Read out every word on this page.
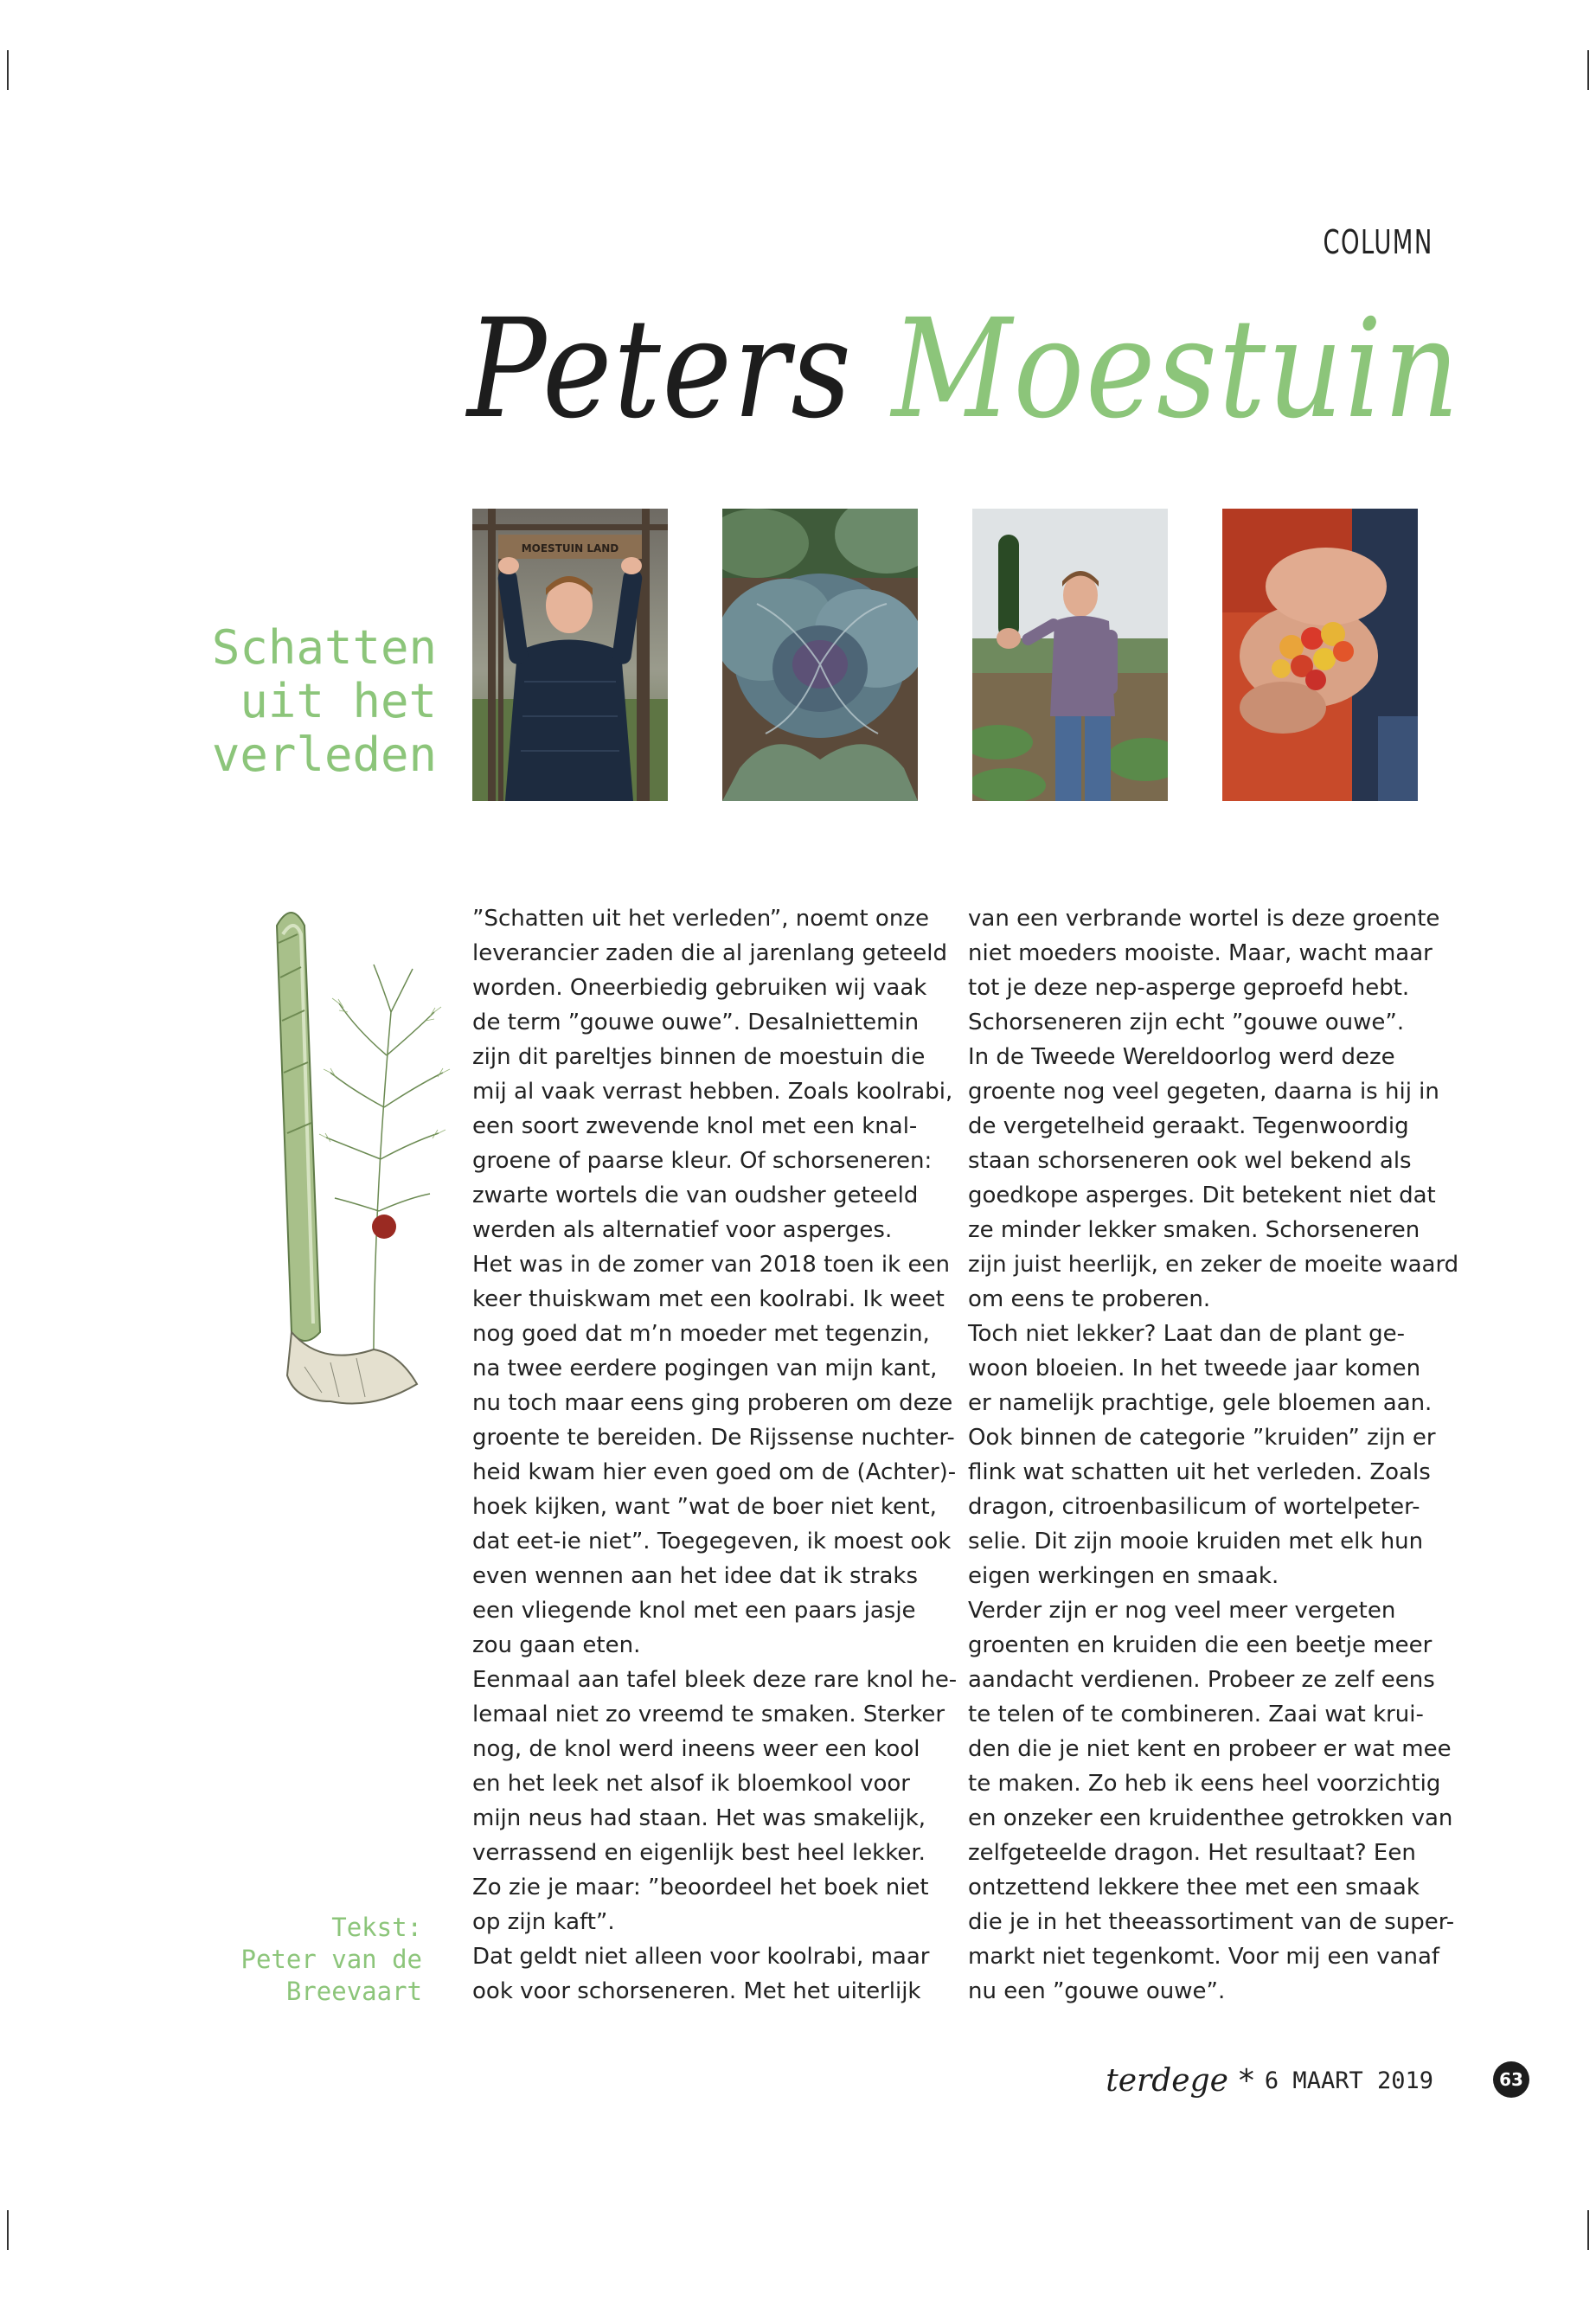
COLUMN
Peters Moestuin
MOESTUIN LAND
Schatten
uit het
verleden
Tekst:
Peter van de
Breevaart
”Schatten uit het verleden”, noemt onze
leverancier zaden die al jarenlang geteeld
worden. Oneerbiedig gebruiken wij vaak
de term ”gouwe ouwe”. Desalniettemin
zijn dit pareltjes binnen de moestuin die
mij al vaak verrast hebben. Zoals koolrabi,
een soort zwevende knol met een knal-
groene of paarse kleur. Of schorseneren:
zwarte wortels die van oudsher geteeld
werden als alternatief voor asperges.
Het was in de zomer van 2018 toen ik een
keer thuiskwam met een koolrabi. Ik weet
nog goed dat m’n moeder met tegenzin,
na twee eerdere pogingen van mijn kant,
nu toch maar eens ging proberen om deze
groente te bereiden. De Rijssense nuchter-
heid kwam hier even goed om de (Achter)-
hoek kijken, want ”wat de boer niet kent,
dat eet-ie niet”. Toegegeven, ik moest ook
even wennen aan het idee dat ik straks
een vliegende knol met een paars jasje
zou gaan eten.
Eenmaal aan tafel bleek deze rare knol he-
lemaal niet zo vreemd te smaken. Sterker
nog, de knol werd ineens weer een kool
en het leek net alsof ik bloemkool voor
mijn neus had staan. Het was smakelijk,
verrassend en eigenlijk best heel lekker.
Zo zie je maar: ”beoordeel het boek niet
op zijn kaft”.
Dat geldt niet alleen voor koolrabi, maar
ook voor schorseneren. Met het uiterlijk
van een verbrande wortel is deze groente
niet moeders mooiste. Maar, wacht maar
tot je deze nep-asperge geproefd hebt.
Schorseneren zijn echt ”gouwe ouwe”.
In de Tweede Wereldoorlog werd deze
groente nog veel gegeten, daarna is hij in
de vergetelheid geraakt. Tegenwoordig
staan schorseneren ook wel bekend als
goedkope asperges. Dit betekent niet dat
ze minder lekker smaken. Schorseneren
zijn juist heerlijk, en zeker de moeite waard
om eens te proberen.
Toch niet lekker? Laat dan de plant ge-
woon bloeien. In het tweede jaar komen
er namelijk prachtige, gele bloemen aan.
Ook binnen de categorie ”kruiden” zijn er
flink wat schatten uit het verleden. Zoals
dragon, citroenbasilicum of wortelpeter-
selie. Dit zijn mooie kruiden met elk hun
eigen werkingen en smaak.
Verder zijn er nog veel meer vergeten
groenten en kruiden die een beetje meer
aandacht verdienen. Probeer ze zelf eens
te telen of te combineren. Zaai wat krui-
den die je niet kent en probeer er wat mee
te maken. Zo heb ik eens heel voorzichtig
en onzeker een kruidenthee getrokken van
zelfgeteelde dragon. Het resultaat? Een
ontzettend lekkere thee met een smaak
die je in het theeassortiment van de super-
markt niet tegenkomt. Voor mij een vanaf
nu een ”gouwe ouwe”.
terdege * 6 MAART 2019	63
